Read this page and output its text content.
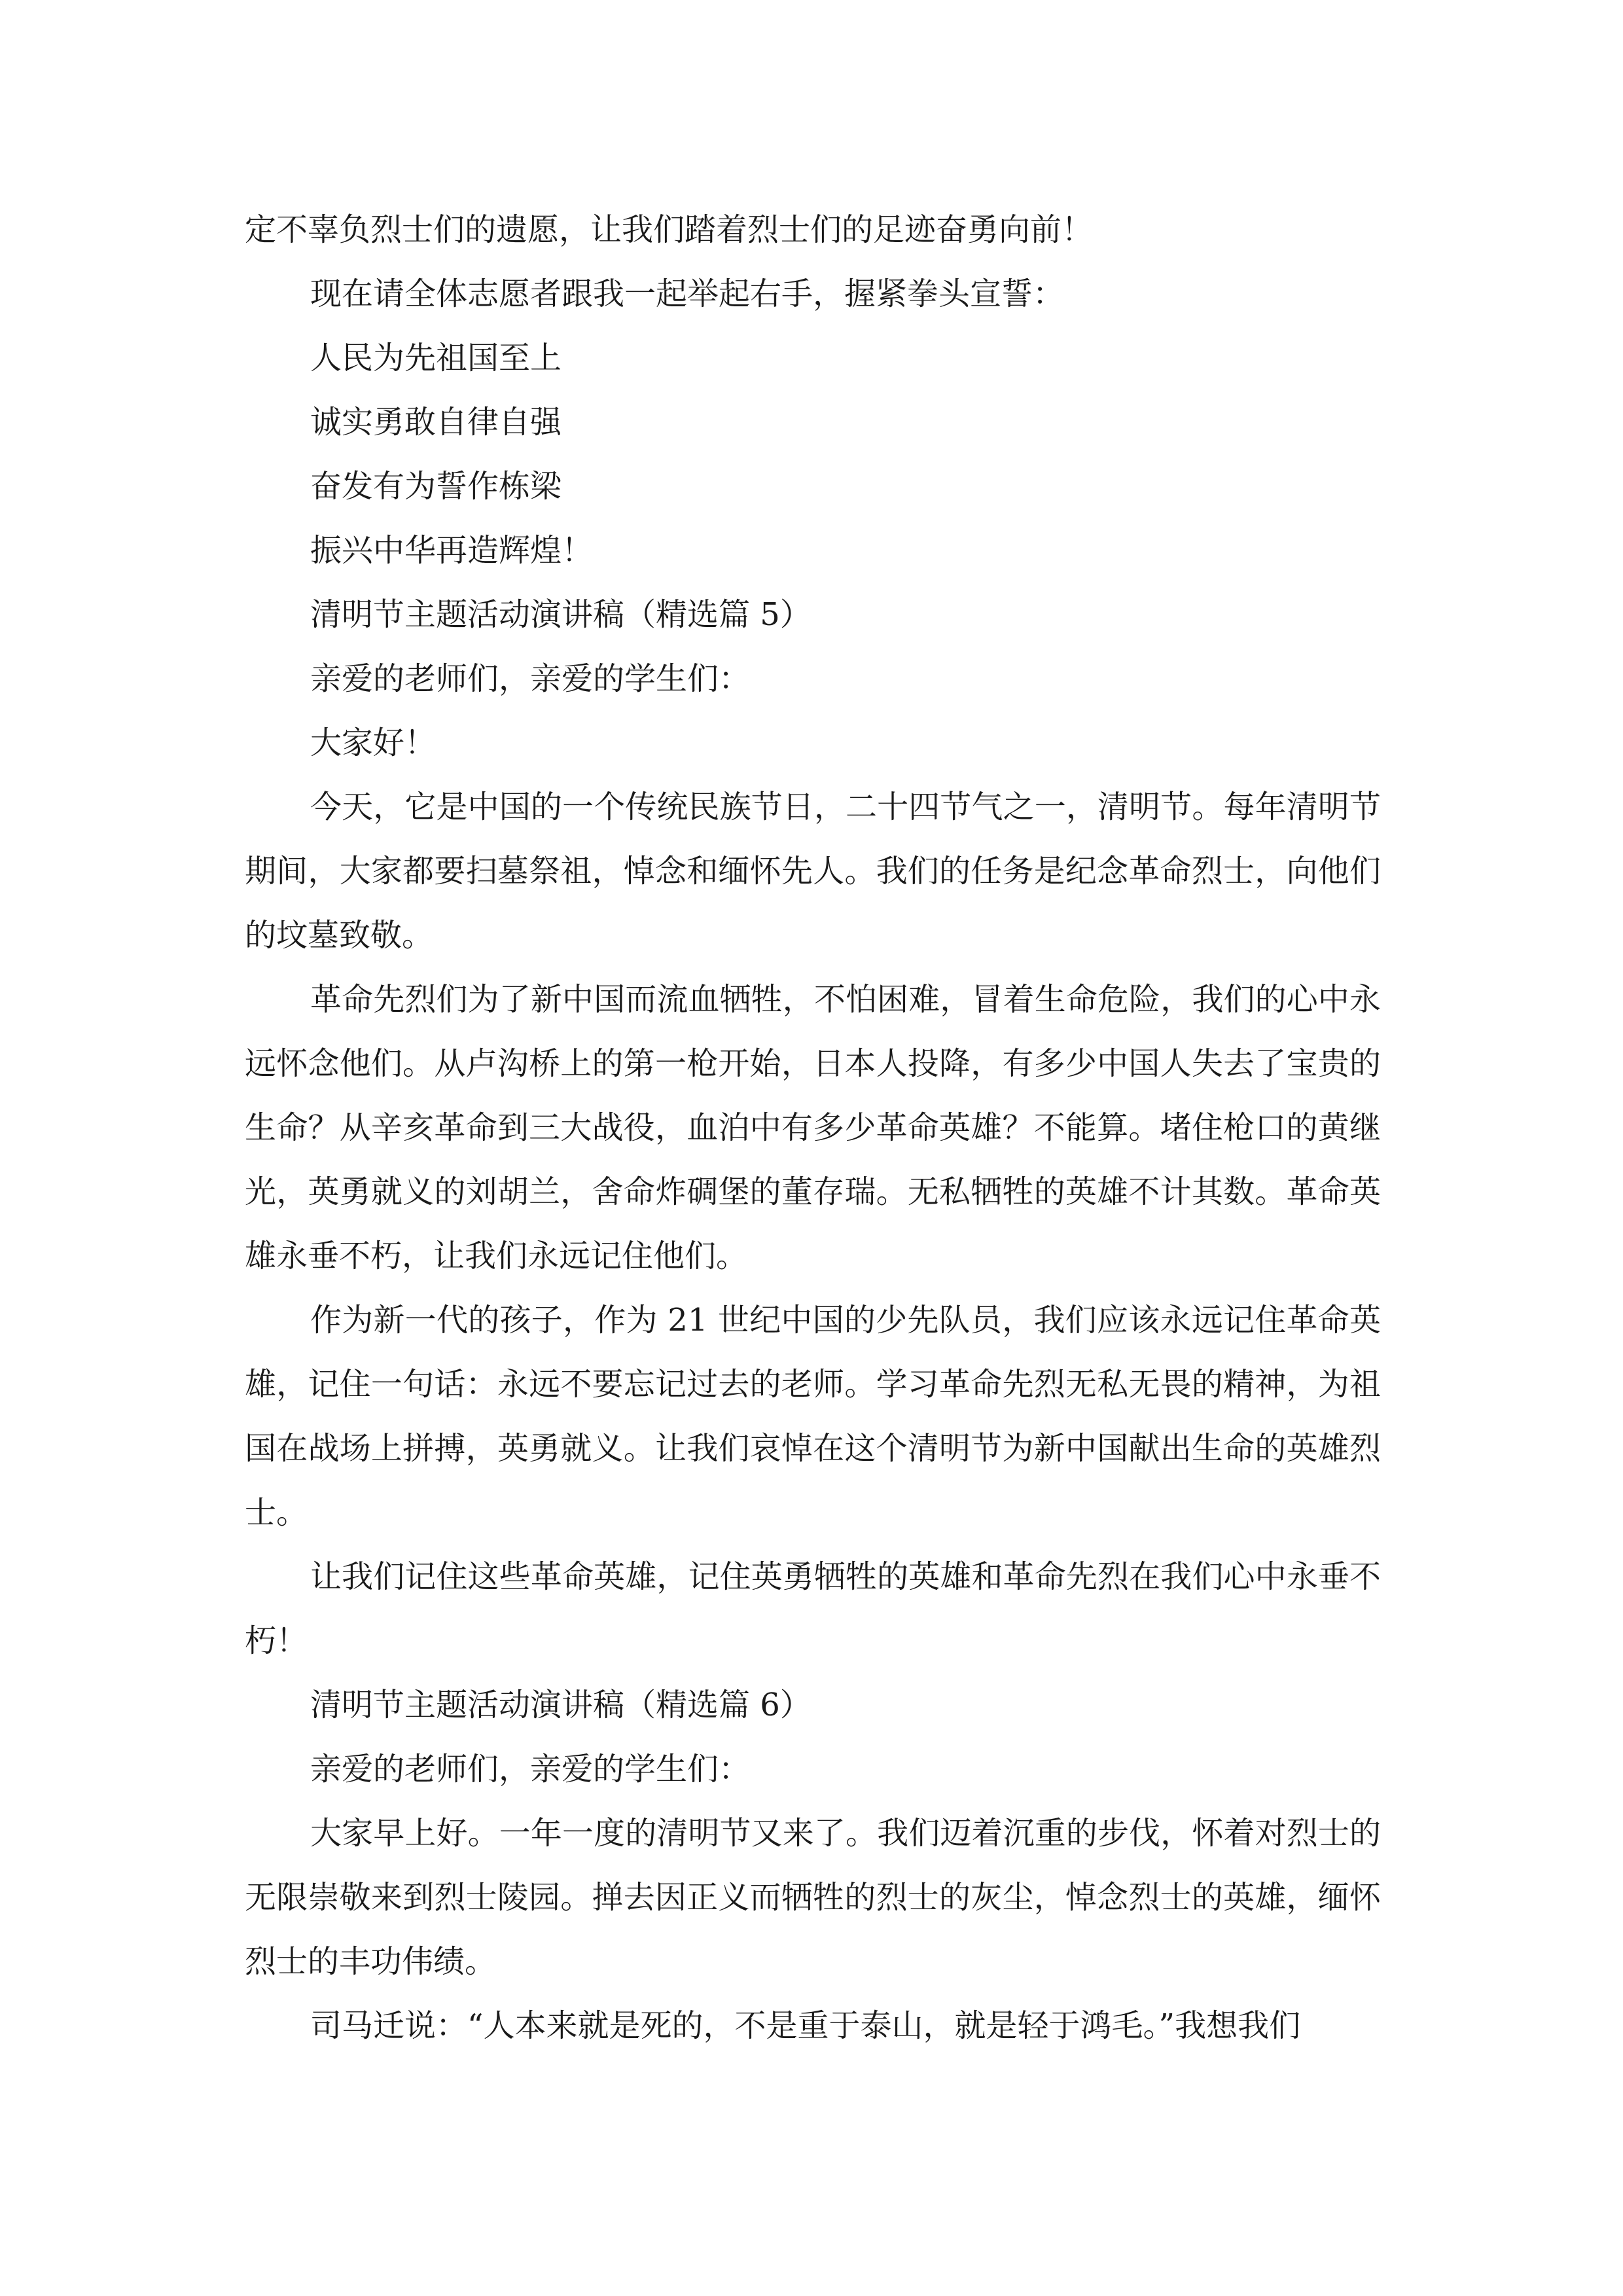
定不辜负烈士们的遗愿，让我们踏着烈士们的足迹奋勇向前！

现在请全体志愿者跟我一起举起右手，握紧拳头宣誓：

人民为先祖国至上

诚实勇敢自律自强

奋发有为誓作栋梁

振兴中华再造辉煌！

清明节主题活动演讲稿（精选篇 5）

亲爱的老师们，亲爱的学生们：

大家好！

今天，它是中国的一个传统民族节日，二十四节气之一，清明节。每年清明节期间，大家都要扫墓祭祖，悼念和缅怀先人。我们的任务是纪念革命烈士，向他们的坟墓致敬。

革命先烈们为了新中国而流血牺牲，不怕困难，冒着生命危险，我们的心中永远怀念他们。从卢沟桥上的第一枪开始，日本人投降，有多少中国人失去了宝贵的生命？从辛亥革命到三大战役，血泊中有多少革命英雄？不能算。堵住枪口的黄继光，英勇就义的刘胡兰，舍命炸碉堡的董存瑞。无私牺牲的英雄不计其数。革命英雄永垂不朽，让我们永远记住他们。

作为新一代的孩子，作为 21 世纪中国的少先队员，我们应该永远记住革命英雄，记住一句话：永远不要忘记过去的老师。学习革命先烈无私无畏的精神，为祖国在战场上拼搏，英勇就义。让我们哀悼在这个清明节为新中国献出生命的英雄烈士。

让我们记住这些革命英雄，记住英勇牺牲的英雄和革命先烈在我们心中永垂不朽！

清明节主题活动演讲稿（精选篇 6）

亲爱的老师们，亲爱的学生们：

大家早上好。一年一度的清明节又来了。我们迈着沉重的步伐，怀着对烈士的无限崇敬来到烈士陵园。掸去因正义而牺牲的烈士的灰尘，悼念烈士的英雄，缅怀烈士的丰功伟绩。

司马迁说：“人本来就是死的，不是重于泰山，就是轻于鸿毛。”我想我们
